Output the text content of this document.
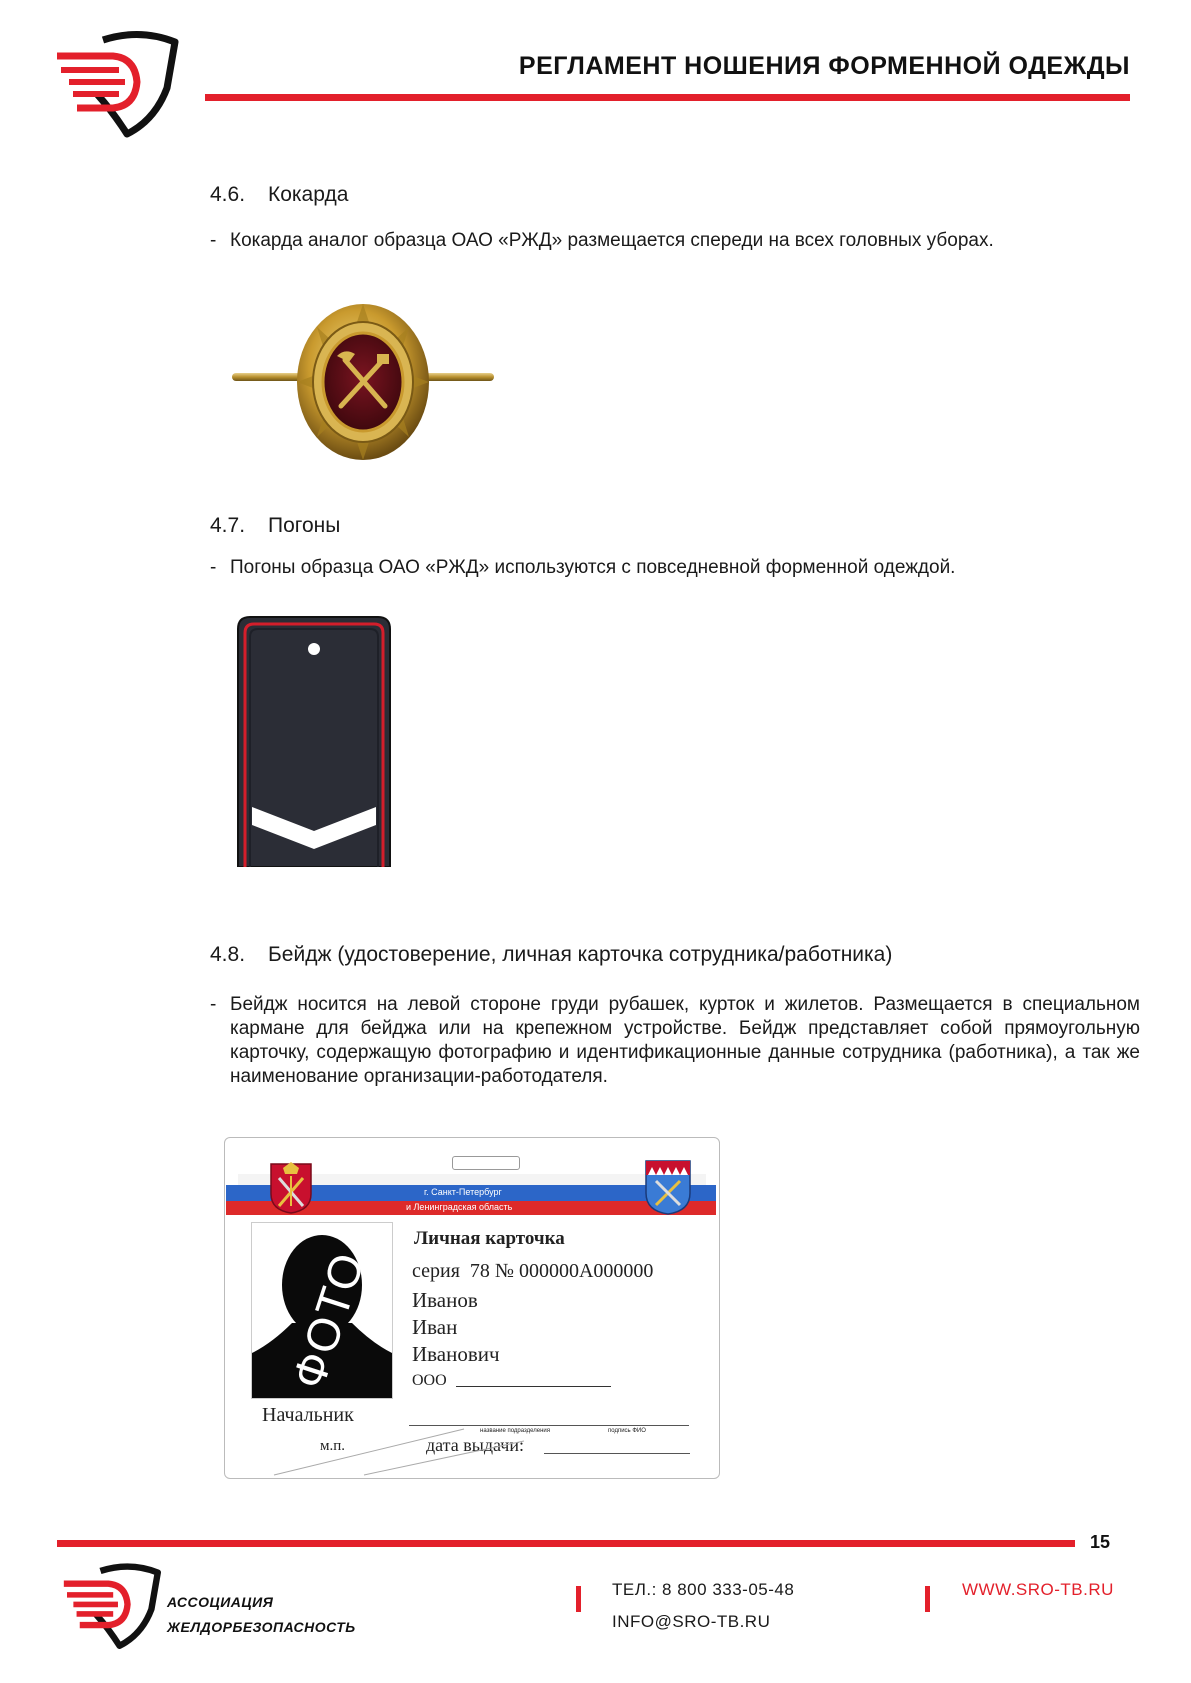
РЕГЛАМЕНТ НОШЕНИЯ ФОРМЕННОЙ ОДЕЖДЫ
4.6. Кокарда
- Кокарда аналог образца ОАО «РЖД» размещается спереди на всех головных уборах.
4.7. Погоны
- Погоны образца ОАО «РЖД» используются с повседневной форменной одеждой.
4.8. Бейдж (удостоверение, личная карточка сотрудника/работника)
- Бейдж носится на левой стороне груди рубашек, курток и жилетов. Размещается в специальном кармане для бейджа или на крепежном устройстве. Бейдж представляет собой прямоугольную карточку, содержащую фотографию и идентификационные данные сотрудника (работника), а так же наименование организации-работодателя.
г. Санкт-Петербург
и Ленинградская область
ФОТО
Личная карточка
серия  78 № 000000А000000
Иванов
Иван
Иванович
ООО
Начальник
название подразделения	подпись ФИО
м.п.	дата выдачи:
15
АССОЦИАЦИЯ
ЖЕЛДОРБЕЗОПАСНОСТЬ
ТЕЛ.: 8 800 333-05-48
INFO@SRO-TB.RU
WWW.SRO-TB.RU
